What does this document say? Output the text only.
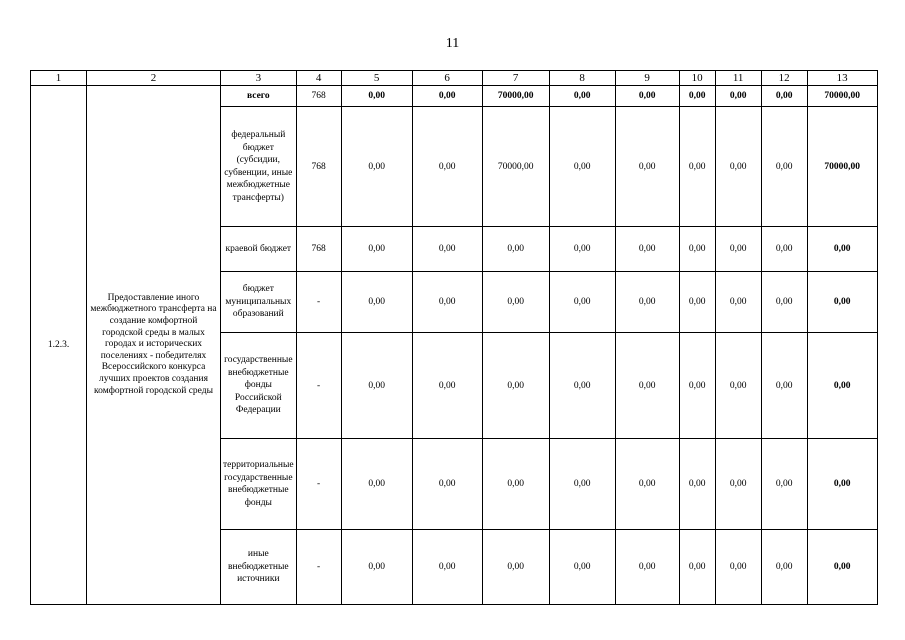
11
1	2	3	4	5	6	7	8	9	10	11	12	13
1.2.3.	Предоставление иного межбюджетного трансферта на создание комфортной городской среды в малых городах и исторических поселениях - победителях Всероссийского конкурса лучших проектов создания комфортной городской среды	всего	768	0,00	0,00	70000,00	0,00	0,00	0,00	0,00	0,00	70000,00
		федеральный бюджет (субсидии, субвенции, иные межбюджетные трансферты)	768	0,00	0,00	70000,00	0,00	0,00	0,00	0,00	0,00	70000,00
		краевой бюджет	768	0,00	0,00	0,00	0,00	0,00	0,00	0,00	0,00	0,00
		бюджет муниципальных образований	-	0,00	0,00	0,00	0,00	0,00	0,00	0,00	0,00	0,00
		государственные внебюджетные фонды Российской Федерации	-	0,00	0,00	0,00	0,00	0,00	0,00	0,00	0,00	0,00
		территориальные государственные внебюджетные фонды	-	0,00	0,00	0,00	0,00	0,00	0,00	0,00	0,00	0,00
		иные внебюджетные источники	-	0,00	0,00	0,00	0,00	0,00	0,00	0,00	0,00	0,00
